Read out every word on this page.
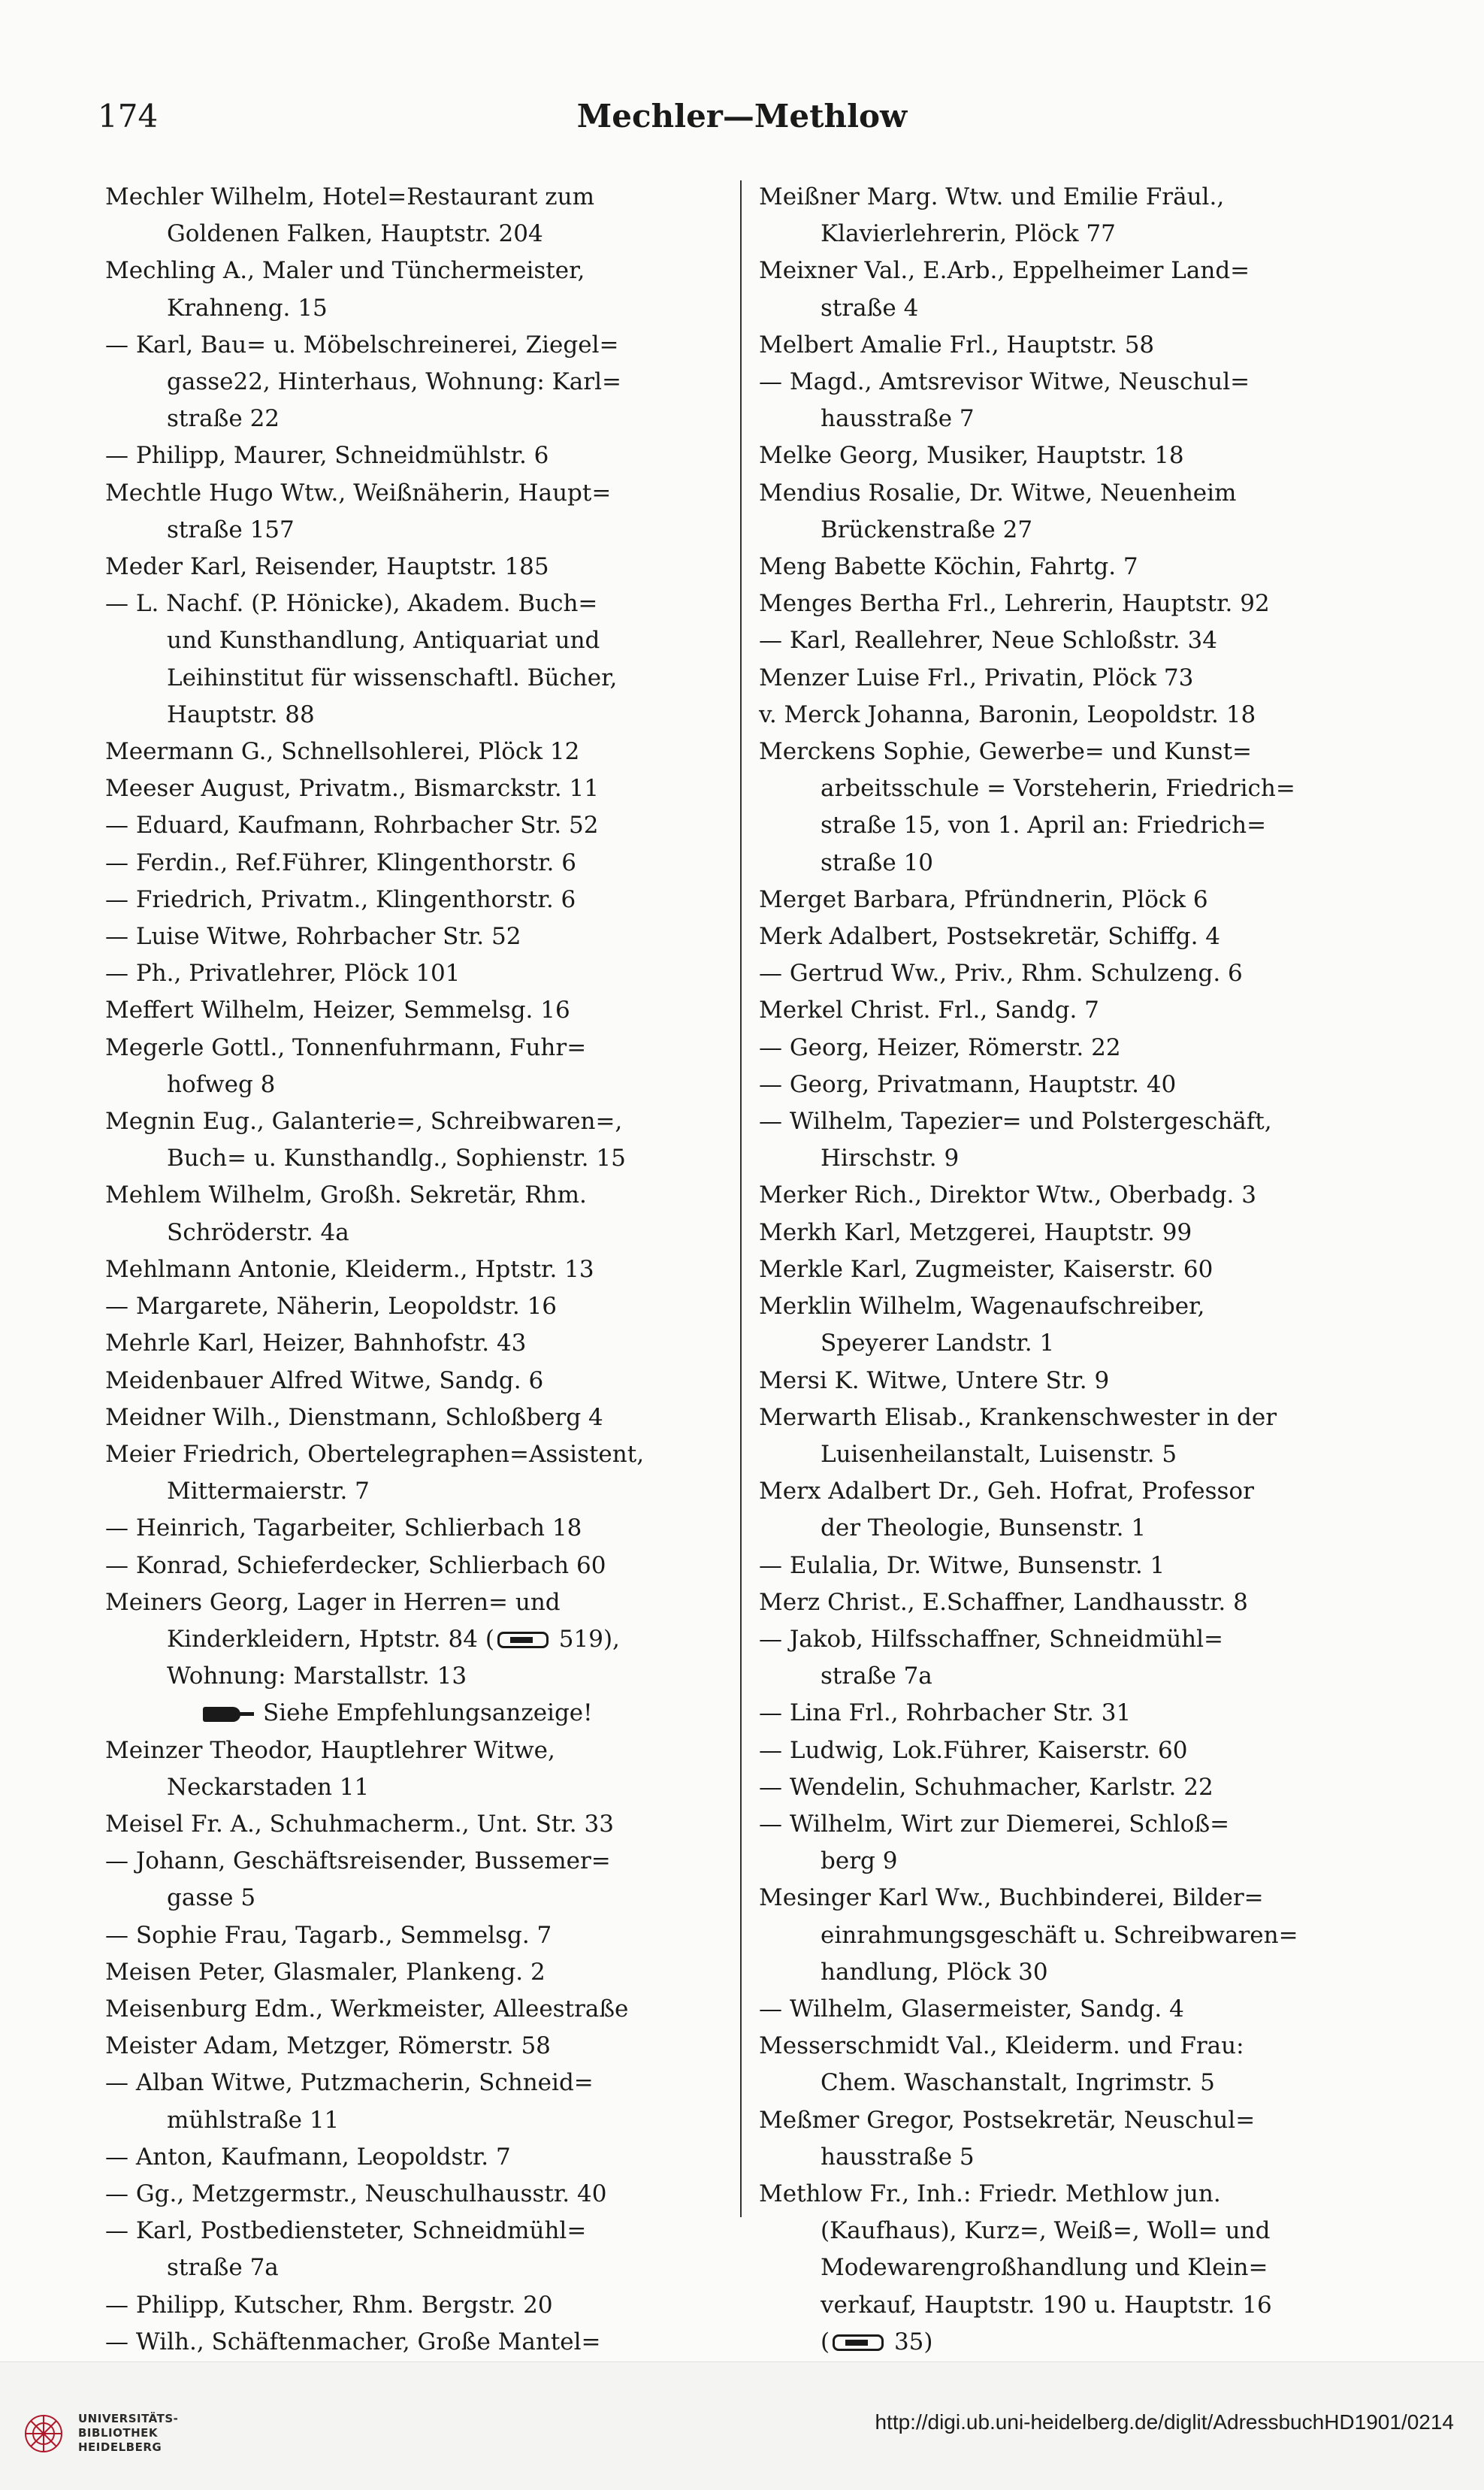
174	Mechler—Methlow
Mechler Wilhelm, Hotel=Restaurant zum
Goldenen Falken, Hauptstr. 204
Mechling A., Maler und Tünchermeister,
Krahneng. 15
— Karl, Bau= u. Möbelschreinerei, Ziegel=
gasse22, Hinterhaus, Wohnung: Karl=
straße 22
— Philipp, Maurer, Schneidmühlstr. 6
Mechtle Hugo Wtw., Weißnäherin, Haupt=
straße 157
Meder Karl, Reisender, Hauptstr. 185
— L. Nachf. (P. Hönicke), Akadem. Buch=
und Kunsthandlung, Antiquariat und
Leihinstitut für wissenschaftl. Bücher,
Hauptstr. 88
Meermann G., Schnellsohlerei, Plöck 12
Meeser August, Privatm., Bismarckstr. 11
— Eduard, Kaufmann, Rohrbacher Str. 52
— Ferdin., Ref.Führer, Klingenthorstr. 6
— Friedrich, Privatm., Klingenthorstr. 6
— Luise Witwe, Rohrbacher Str. 52
— Ph., Privatlehrer, Plöck 101
Meffert Wilhelm, Heizer, Semmelsg. 16
Megerle Gottl., Tonnenfuhrmann, Fuhr=
hofweg 8
Megnin Eug., Galanterie=, Schreibwaren=,
Buch= u. Kunsthandlg., Sophienstr. 15
Mehlem Wilhelm, Großh. Sekretär, Rhm.
Schröderstr. 4a
Mehlmann Antonie, Kleiderm., Hptstr. 13
— Margarete, Näherin, Leopoldstr. 16
Mehrle Karl, Heizer, Bahnhofstr. 43
Meidenbauer Alfred Witwe, Sandg. 6
Meidner Wilh., Dienstmann, Schloßberg 4
Meier Friedrich, Obertelegraphen=Assistent,
Mittermaierstr. 7
— Heinrich, Tagarbeiter, Schlierbach 18
— Konrad, Schieferdecker, Schlierbach 60
Meiners Georg, Lager in Herren= und
Kinderkleidern, Hptstr. 84 ( 519),
Wohnung: Marstallstr. 13
Siehe Empfehlungsanzeige!
Meinzer Theodor, Hauptlehrer Witwe,
Neckarstaden 11
Meisel Fr. A., Schuhmacherm., Unt. Str. 33
— Johann, Geschäftsreisender, Bussemer=
gasse 5
— Sophie Frau, Tagarb., Semmelsg. 7
Meisen Peter, Glasmaler, Plankeng. 2
Meisenburg Edm., Werkmeister, Alleestraße
Meister Adam, Metzger, Römerstr. 58
— Alban Witwe, Putzmacherin, Schneid=
mühlstraße 11
— Anton, Kaufmann, Leopoldstr. 7
— Gg., Metzgermstr., Neuschulhausstr. 40
— Karl, Postbediensteter, Schneidmühl=
straße 7a
— Philipp, Kutscher, Rhm. Bergstr. 20
— Wilh., Schäftenmacher, Große Mantel=

Meißner Marg. Wtw. und Emilie Fräul.,
Klavierlehrerin, Plöck 77
Meixner Val., E.Arb., Eppelheimer Land=
straße 4
Melbert Amalie Frl., Hauptstr. 58
— Magd., Amtsrevisor Witwe, Neuschul=
hausstraße 7
Melke Georg, Musiker, Hauptstr. 18
Mendius Rosalie, Dr. Witwe, Neuenheim
Brückenstraße 27
Meng Babette Köchin, Fahrtg. 7
Menges Bertha Frl., Lehrerin, Hauptstr. 92
— Karl, Reallehrer, Neue Schloßstr. 34
Menzer Luise Frl., Privatin, Plöck 73
v. Merck Johanna, Baronin, Leopoldstr. 18
Merckens Sophie, Gewerbe= und Kunst=
arbeitsschule = Vorsteherin, Friedrich=
straße 15, von 1. April an: Friedrich=
straße 10
Merget Barbara, Pfründnerin, Plöck 6
Merk Adalbert, Postsekretär, Schiffg. 4
— Gertrud Ww., Priv., Rhm. Schulzeng. 6
Merkel Christ. Frl., Sandg. 7
— Georg, Heizer, Römerstr. 22
— Georg, Privatmann, Hauptstr. 40
— Wilhelm, Tapezier= und Polstergeschäft,
Hirschstr. 9
Merker Rich., Direktor Wtw., Oberbadg. 3
Merkh Karl, Metzgerei, Hauptstr. 99
Merkle Karl, Zugmeister, Kaiserstr. 60
Merklin Wilhelm, Wagenaufschreiber,
Speyerer Landstr. 1
Mersi K. Witwe, Untere Str. 9
Merwarth Elisab., Krankenschwester in der
Luisenheilanstalt, Luisenstr. 5
Merx Adalbert Dr., Geh. Hofrat, Professor
der Theologie, Bunsenstr. 1
— Eulalia, Dr. Witwe, Bunsenstr. 1
Merz Christ., E.Schaffner, Landhausstr. 8
— Jakob, Hilfsschaffner, Schneidmühl=
straße 7a
— Lina Frl., Rohrbacher Str. 31
— Ludwig, Lok.Führer, Kaiserstr. 60
— Wendelin, Schuhmacher, Karlstr. 22
— Wilhelm, Wirt zur Diemerei, Schloß=
berg 9
Mesinger Karl Ww., Buchbinderei, Bilder=
einrahmungsgeschäft u. Schreibwaren=
handlung, Plöck 30
— Wilhelm, Glasermeister, Sandg. 4
Messerschmidt Val., Kleiderm. und Frau:
Chem. Waschanstalt, Ingrimstr. 5
Meßmer Gregor, Postsekretär, Neuschul=
hausstraße 5
Methlow Fr., Inh.: Friedr. Methlow jun.
(Kaufhaus), Kurz=, Weiß=, Woll= und
Modewarengroßhandlung und Klein=
verkauf, Hauptstr. 190 u. Hauptstr. 16
( 35)
UNIVERSITÄTS-
BIBLIOTHEK
HEIDELBERG
http://digi.ub.uni-heidelberg.de/diglit/AdressbuchHD1901/0214
